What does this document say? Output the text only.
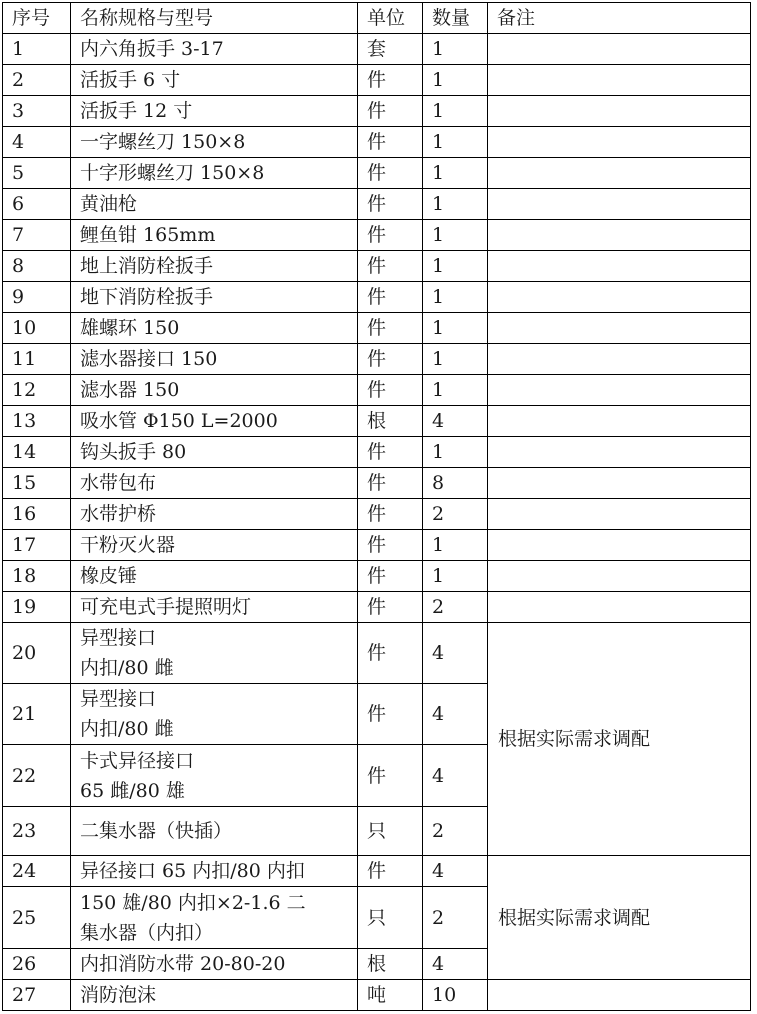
序号	名称规格与型号	单位	数量	备注
1	内六角扳手 3-17	套	1	
2	活扳手 6 寸	件	1	
3	活扳手 12 寸	件	1	
4	一字螺丝刀 150×8	件	1	
5	十字形螺丝刀 150×8	件	1	
6	黄油枪	件	1	
7	鲤鱼钳 165mm	件	1	
8	地上消防栓扳手	件	1	
9	地下消防栓扳手	件	1	
10	雄螺环 150	件	1	
11	滤水器接口 150	件	1	
12	滤水器 150	件	1	
13	吸水管 Φ150 L=2000	根	4	
14	钩头扳手 80	件	1	
15	水带包布	件	8	
16	水带护桥	件	2	
17	干粉灭火器	件	1	
18	橡皮锤	件	1	
19	可充电式手提照明灯	件	2	
20	异型接口
内扣/80 雌	件	4	根据实际需求调配
21	异型接口
内扣/80 雌	件	4	
22	卡式异径接口
65 雌/80 雄	件	4	
23	二集水器（快插）	只	2	
24	异径接口 65 内扣/80 内扣	件	4	根据实际需求调配
25	150 雄/80 内扣×2-1.6 二
集水器（内扣）	只	2	
26	内扣消防水带 20-80-20	根	4	
27	消防泡沫	吨	10	
